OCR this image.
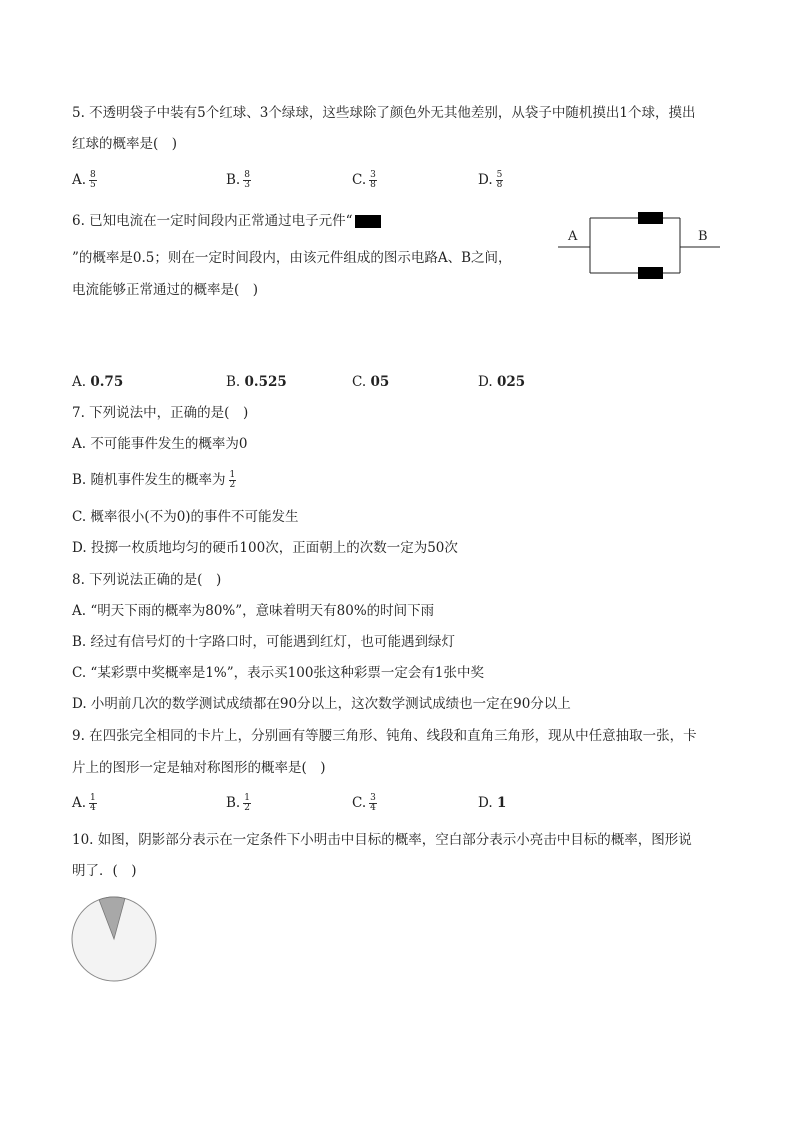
5. 不透明袋子中装有5个红球、3个绿球，这些球除了颜色外无其他差别，从袋子中随机摸出1个球，摸出
红球的概率是(　)
A. $\frac{8}{5}$	B. $\frac{8}{3}$	C. $\frac{3}{8}$	D. $\frac{5}{8}$
6. 已知电流在一定时间段内正常通过电子元件“
”的概率是0.5；则在一定时间段内，由该元件组成的图示电路A、B之间，
电流能够正常通过的概率是(　)
A	B
A. 0.75	B. 0.525	C. 05	D. 025
7. 下列说法中，正确的是(　)
A. 不可能事件发生的概率为0
B. 随机事件发生的概率为 $\frac{1}{2}$
C. 概率很小(不为0)的事件不可能发生
D. 投掷一枚质地均匀的硬币100次，正面朝上的次数一定为50次
8. 下列说法正确的是(　)
A. “明天下雨的概率为80%”，意味着明天有80%的时间下雨
B. 经过有信号灯的十字路口时，可能遇到红灯，也可能遇到绿灯
C. “某彩票中奖概率是1%”，表示买100张这种彩票一定会有1张中奖
D. 小明前几次的数学测试成绩都在90分以上，这次数学测试成绩也一定在90分以上
9. 在四张完全相同的卡片上，分别画有等腰三角形、钝角、线段和直角三角形，现从中任意抽取一张，卡
片上的图形一定是轴对称图形的概率是(　)
A. $\frac{1}{4}$	B. $\frac{1}{2}$	C. $\frac{3}{4}$	D. 1
10. 如图，阴影部分表示在一定条件下小明击中目标的概率，空白部分表示小亮击中目标的概率，图形说
明了．(　)
